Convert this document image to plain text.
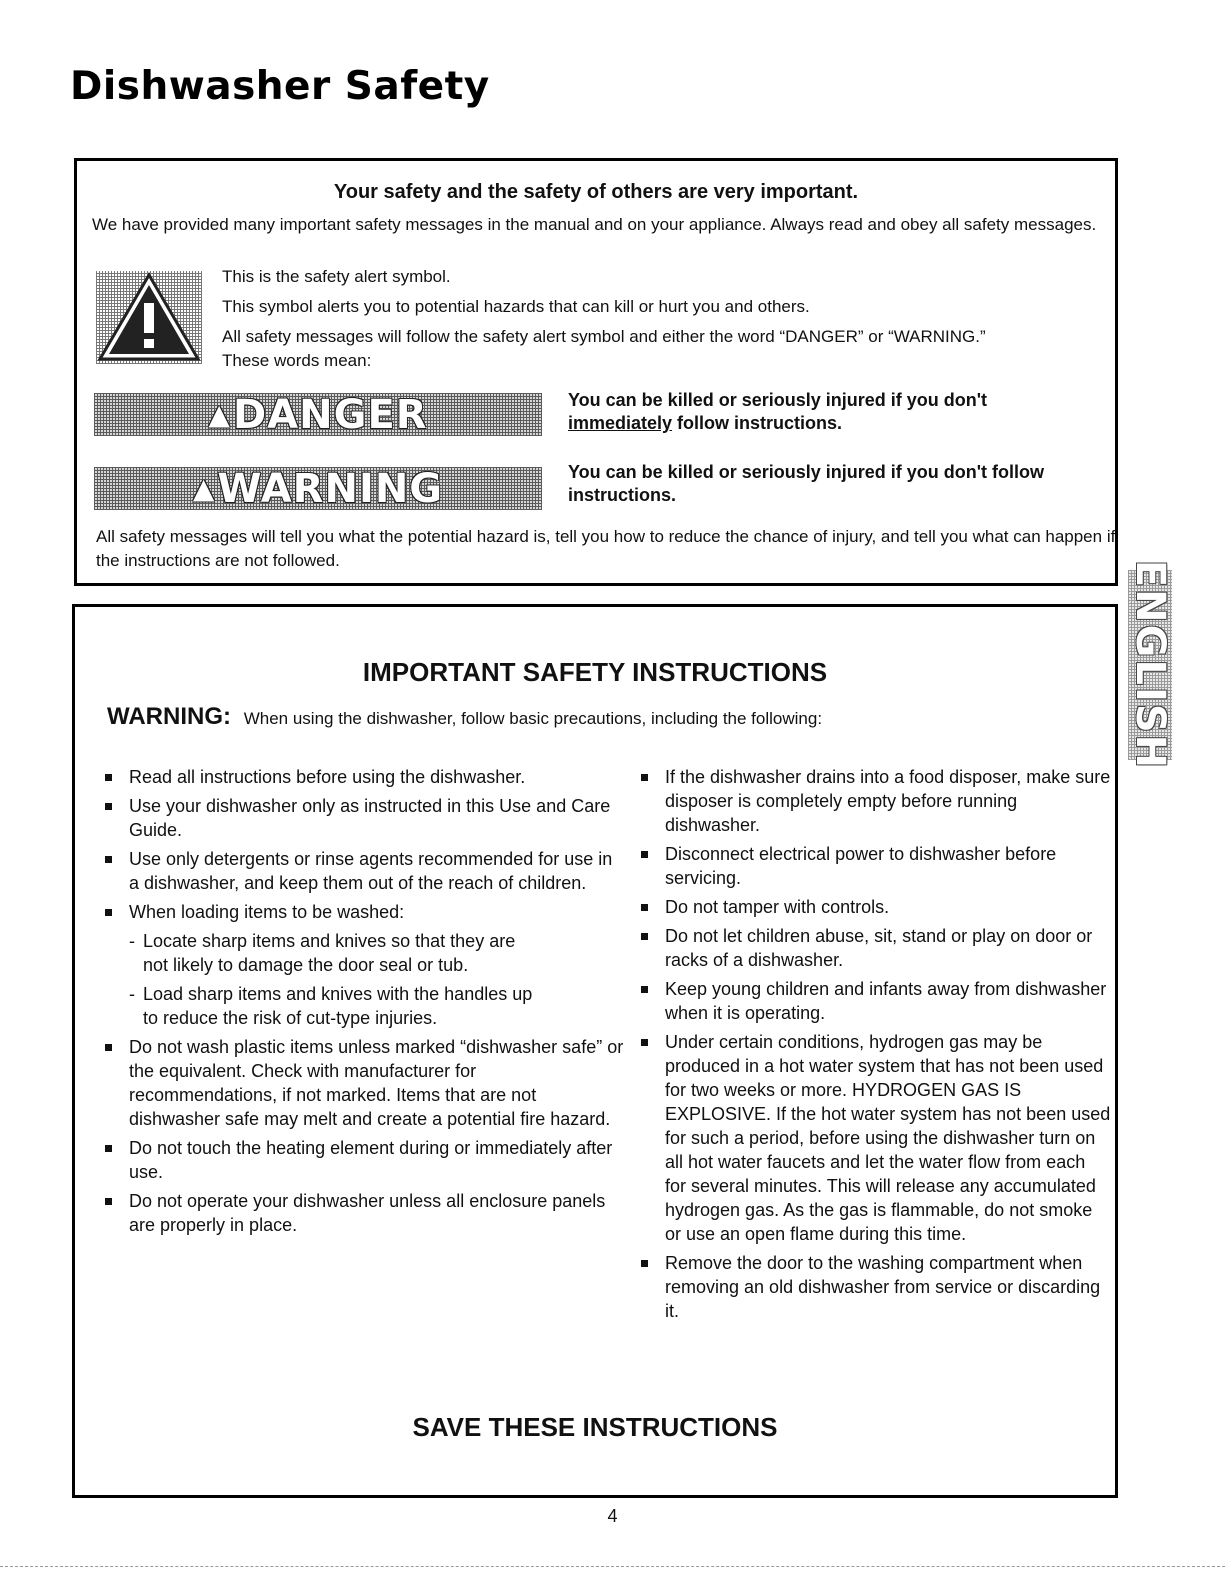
Dishwasher Safety
Your safety and the safety of others are very important.

We have provided many important safety messages in the manual and on your appliance. Always read and obey all safety messages.

This is the safety alert symbol.

This symbol alerts you to potential hazards that can kill or hurt you and others.

All safety messages will follow the safety alert symbol and either the word “DANGER” or “WARNING.” These words mean:

▲ DANGER	You can be killed or seriously injured if you don't
immediately follow instructions.

▲ WARNING	You can be killed or seriously injured if you don't follow instructions.

All safety messages will tell you what the potential hazard is, tell you how to reduce the chance of injury, and tell you what can happen if the instructions are not followed.

IMPORTANT SAFETY INSTRUCTIONS

WARNING: When using the dishwasher, follow basic precautions, including the following:

Read all instructions before using the dishwasher.

Use your dishwasher only as instructed in this Use and Care Guide.

Use only detergents or rinse agents recommended for use in a dishwasher, and keep them out of the reach of children.

When loading items to be washed:

- Locate sharp items and knives so that they are not likely to damage the door seal or tub.

- Load sharp items and knives with the handles up to reduce the risk of cut-type injuries.

Do not wash plastic items unless marked “dishwasher safe” or the equivalent. Check with manufacturer for recommendations, if not marked. Items that are not dishwasher safe may melt and create a potential fire hazard.

Do not touch the heating element during or immediately after use.

Do not operate your dishwasher unless all enclosure panels are properly in place.

If the dishwasher drains into a food disposer, make sure disposer is completely empty before running dishwasher.

Disconnect electrical power to dishwasher before servicing.

Do not tamper with controls.

Do not let children abuse, sit, stand or play on door or racks of a dishwasher.

Keep young children and infants away from dishwasher when it is operating.

Under certain conditions, hydrogen gas may be produced in a hot water system that has not been used for two weeks or more. HYDROGEN GAS IS EXPLOSIVE. If the hot water system has not been used for such a period, before using the dishwasher turn on all hot water faucets and let the water flow from each for several minutes. This will release any accumulated hydrogen gas. As the gas is flammable, do not smoke or use an open flame during this time.

Remove the door to the washing compartment when removing an old dishwasher from service or discarding it.

SAVE THESE INSTRUCTIONS
ENGLISH
4
